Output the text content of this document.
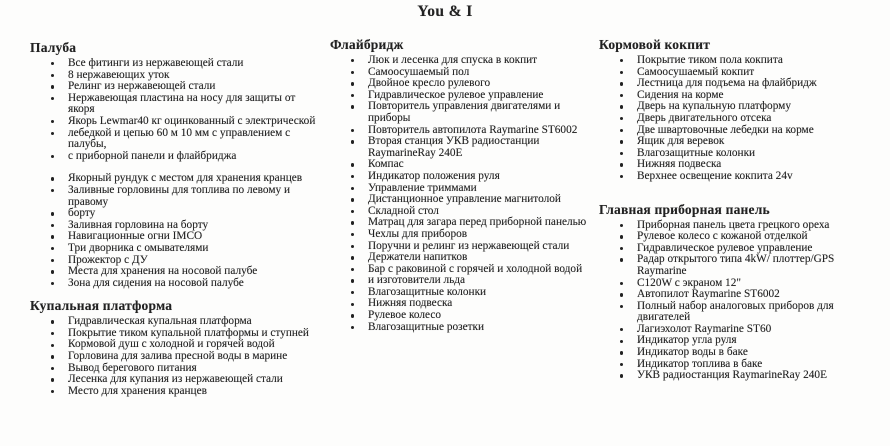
You & I
Палуба
Все фитинги из нержавеющей стали
8 нержавеющих уток
Релинг из нержавеющей стали
Нержавеющая пластина на носу для защиты от якоря
Якорь Lewmar40 кг оцинкованный с электрической
лебедкой и цепью 60 м 10 мм с управлением с палубы,
с приборной панели и флайбриджа
Якорный рундук с местом для хранения кранцев
Заливные горловины для топлива по левому и правому
борту
Заливная горловина на борту
Навигационные огни IMCO
Три дворника с омывателями
Прожектор с ДУ
Места для хранения на носовой палубе
Зона для сидения на носовой палубе
Купальная платформа
Гидравлическая купальная платформа
Покрытие тиком купальной платформы и ступней
Кормовой душ с холодной и горячей водой
Горловина для залива пресной воды в марине
Вывод берегового питания
Лесенка для купания из нержавеющей стали
Место для хранения кранцев
Флайбридж
Люк и лесенка для спуска в кокпит
Самоосушаемый пол
Двойное кресло рулевого
Гидравлическое рулевое управление
Повторитель управления двигателями и приборы
Повторитель автопилота Raymarine ST6002
Вторая станция УКВ радиостанции RaymarineRay 240E
Компас
Индикатор положения руля
Управление триммами
Дистанционное управление магнитолой
Складной стол
Матрац для загара перед приборной панелью
Чехлы для приборов
Поручни и релинг из нержавеющей стали
Держатели напитков
Бар с раковиной с горячей и холодной водой
и изготовители льда
Влагозащитные колонки
Нижняя подвеска
Рулевое колесо
Влагозащитные розетки
Кормовой кокпит
Покрытие тиком пола кокпита
Самоосушаемый кокпит
Лестница для подъема на флайбридж
Сидения на корме
Дверь на купальную платформу
Дверь двигательного отсека
Две швартовочные лебедки на корме
Ящик для веревок
Влагозащитные колонки
Нижняя подвеска
Верхнее освещение кокпита 24v
Главная приборная панель
Приборная панель цвета грецкого ореха
Рулевое колесо с кожаной отделкой
Гидравлическое рулевое управление
Радар открытого типа 4kW/ плоттер/GPS Raymarine
C120W с экраном 12"
Автопилот Raymarine ST6002
Полный набор аналоговых приборов для двигателей
Лагиэхолот Raymarine ST60
Индикатор угла руля
Индикатор воды в баке
Индикатор топлива в баке
УКВ радиостанция RaymarineRay 240E
